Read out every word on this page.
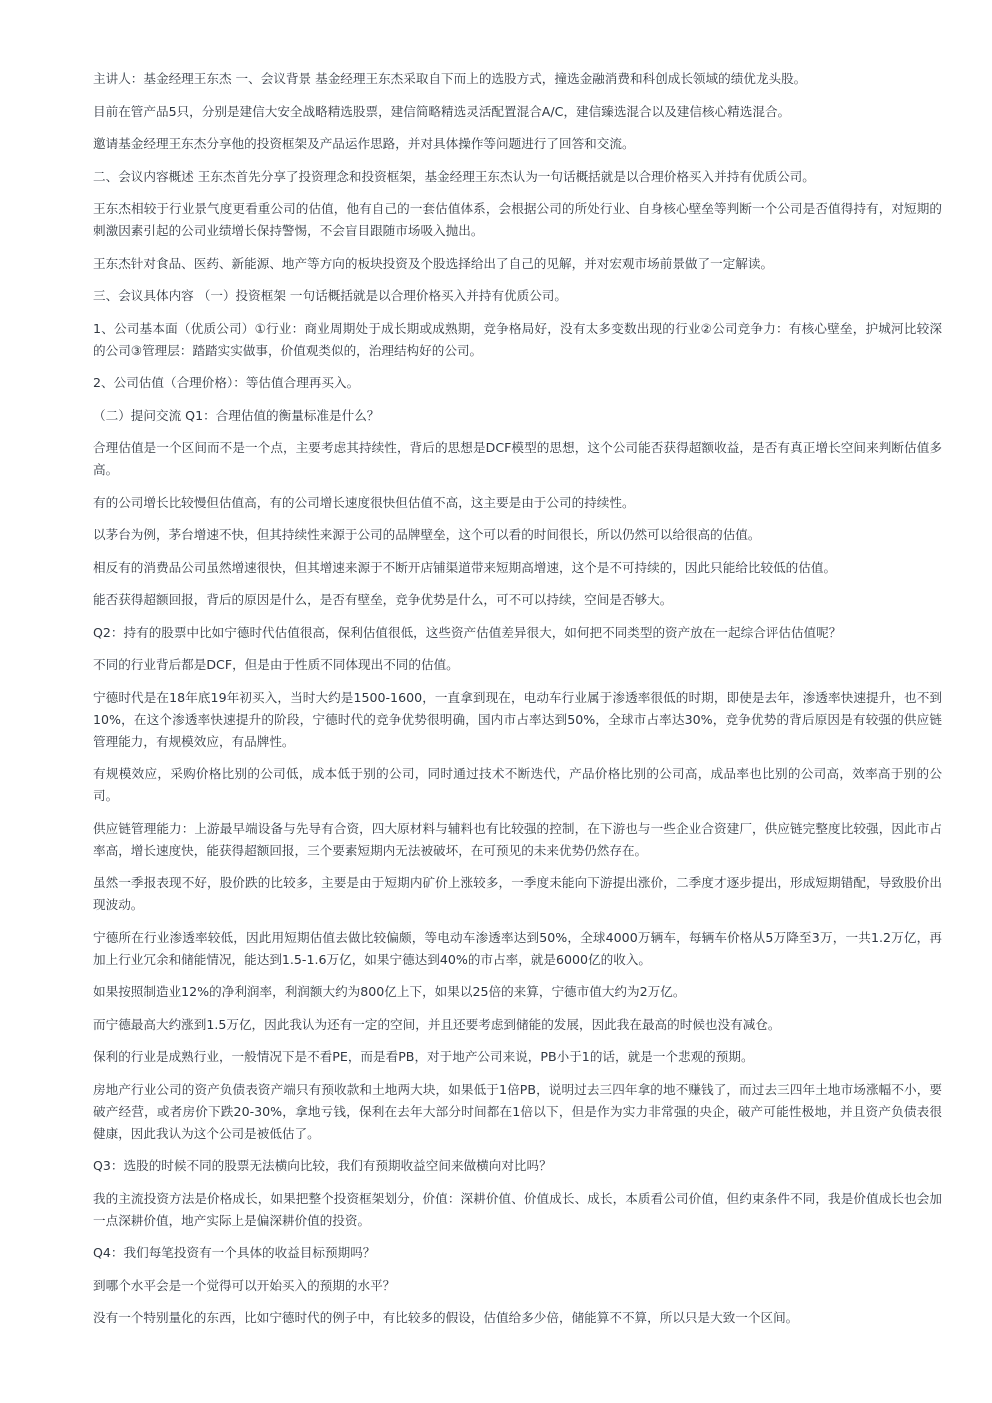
主讲人：基金经理王东杰 一、会议背景 基金经理王东杰采取自下而上的选股方式，撞选金融消费和科创成长领域的绩优龙头股。

目前在管产品5只，分别是建信大安全战略精选股票，建信简略精选灵活配置混合A/C，建信臻选混合以及建信核心精选混合。

邀请基金经理王东杰分享他的投资框架及产品运作思路，并对具体操作等问题进行了回答和交流。

二、会议内容概述 王东杰首先分享了投资理念和投资框架，基金经理王东杰认为一句话概括就是以合理价格买入并持有优质公司。

王东杰相较于行业景气度更看重公司的估值，他有自己的一套估值体系，会根据公司的所处行业、自身核心壁垒等判断一个公司是否值得持有，对短期的刺激因素引起的公司业绩增长保持警惕，不会盲目跟随市场吸入抛出。

王东杰针对食品、医药、新能源、地产等方向的板块投资及个股选择给出了自己的见解，并对宏观市场前景做了一定解读。

三、会议具体内容 （一）投资框架 一句话概括就是以合理价格买入并持有优质公司。

1、公司基本面（优质公司）①行业：商业周期处于成长期或成熟期，竞争格局好，没有太多变数出现的行业②公司竞争力：有核心壁垒，护城河比较深的公司③管理层：踏踏实实做事，价值观类似的，治理结构好的公司。

2、公司估值（合理价格）：等估值合理再买入。

（二）提问交流 Q1：合理估值的衡量标准是什么？

合理估值是一个区间而不是一个点，主要考虑其持续性，背后的思想是DCF模型的思想，这个公司能否获得超额收益，是否有真正增长空间来判断估值多高。

有的公司增长比较慢但估值高，有的公司增长速度很快但估值不高，这主要是由于公司的持续性。

以茅台为例，茅台增速不快，但其持续性来源于公司的品牌壁垒，这个可以看的时间很长，所以仍然可以给很高的估值。

相反有的消费品公司虽然增速很快，但其增速来源于不断开店铺渠道带来短期高增速，这个是不可持续的，因此只能给比较低的估值。

能否获得超额回报，背后的原因是什么，是否有壁垒，竞争优势是什么，可不可以持续，空间是否够大。

Q2：持有的股票中比如宁德时代估值很高，保利估值很低，这些资产估值差异很大，如何把不同类型的资产放在一起综合评估估值呢？

不同的行业背后都是DCF，但是由于性质不同体现出不同的估值。

宁德时代是在18年底19年初买入，当时大约是1500-1600，一直拿到现在，电动车行业属于渗透率很低的时期，即使是去年，渗透率快速提升，也不到10%，在这个渗透率快速提升的阶段，宁德时代的竞争优势很明确，国内市占率达到50%，全球市占率达30%，竞争优势的背后原因是有较强的供应链管理能力，有规模效应，有品牌性。

有规模效应，采购价格比别的公司低，成本低于别的公司，同时通过技术不断迭代，产品价格比别的公司高，成品率也比别的公司高，效率高于别的公司。

供应链管理能力：上游最早端设备与先导有合资，四大原材料与辅料也有比较强的控制，在下游也与一些企业合资建厂，供应链完整度比较强，因此市占率高，增长速度快，能获得超额回报，三个要素短期内无法被破坏，在可预见的未来优势仍然存在。

虽然一季报表现不好，股价跌的比较多，主要是由于短期内矿价上涨较多，一季度未能向下游提出涨价，二季度才逐步提出，形成短期错配，导致股价出现波动。

宁德所在行业渗透率较低，因此用短期估值去做比较偏颇，等电动车渗透率达到50%，全球4000万辆车，每辆车价格从5万降至3万，一共1.2万亿，再加上行业冗余和储能情况，能达到1.5-1.6万亿，如果宁德达到40%的市占率，就是6000亿的收入。

如果按照制造业12%的净利润率，利润额大约为800亿上下，如果以25倍的来算，宁德市值大约为2万亿。

而宁德最高大约涨到1.5万亿，因此我认为还有一定的空间，并且还要考虑到储能的发展，因此我在最高的时候也没有减仓。

保利的行业是成熟行业，一般情况下是不看PE，而是看PB，对于地产公司来说，PB小于1的话，就是一个悲观的预期。

房地产行业公司的资产负债表资产端只有预收款和土地两大块，如果低于1倍PB，说明过去三四年拿的地不赚钱了，而过去三四年土地市场涨幅不小，要破产经营，或者房价下跌20-30%，拿地亏钱，保利在去年大部分时间都在1倍以下，但是作为实力非常强的央企，破产可能性极地，并且资产负债表很健康，因此我认为这个公司是被低估了。

Q3：选股的时候不同的股票无法横向比较，我们有预期收益空间来做横向对比吗？

我的主流投资方法是价格成长，如果把整个投资框架划分，价值：深耕价值、价值成长、成长，本质看公司价值，但约束条件不同，我是价值成长也会加一点深耕价值，地产实际上是偏深耕价值的投资。

Q4：我们每笔投资有一个具体的收益目标预期吗？

到哪个水平会是一个觉得可以开始买入的预期的水平？

没有一个特别量化的东西，比如宁德时代的例子中，有比较多的假设，估值给多少倍，储能算不不算，所以只是大致一个区间。
